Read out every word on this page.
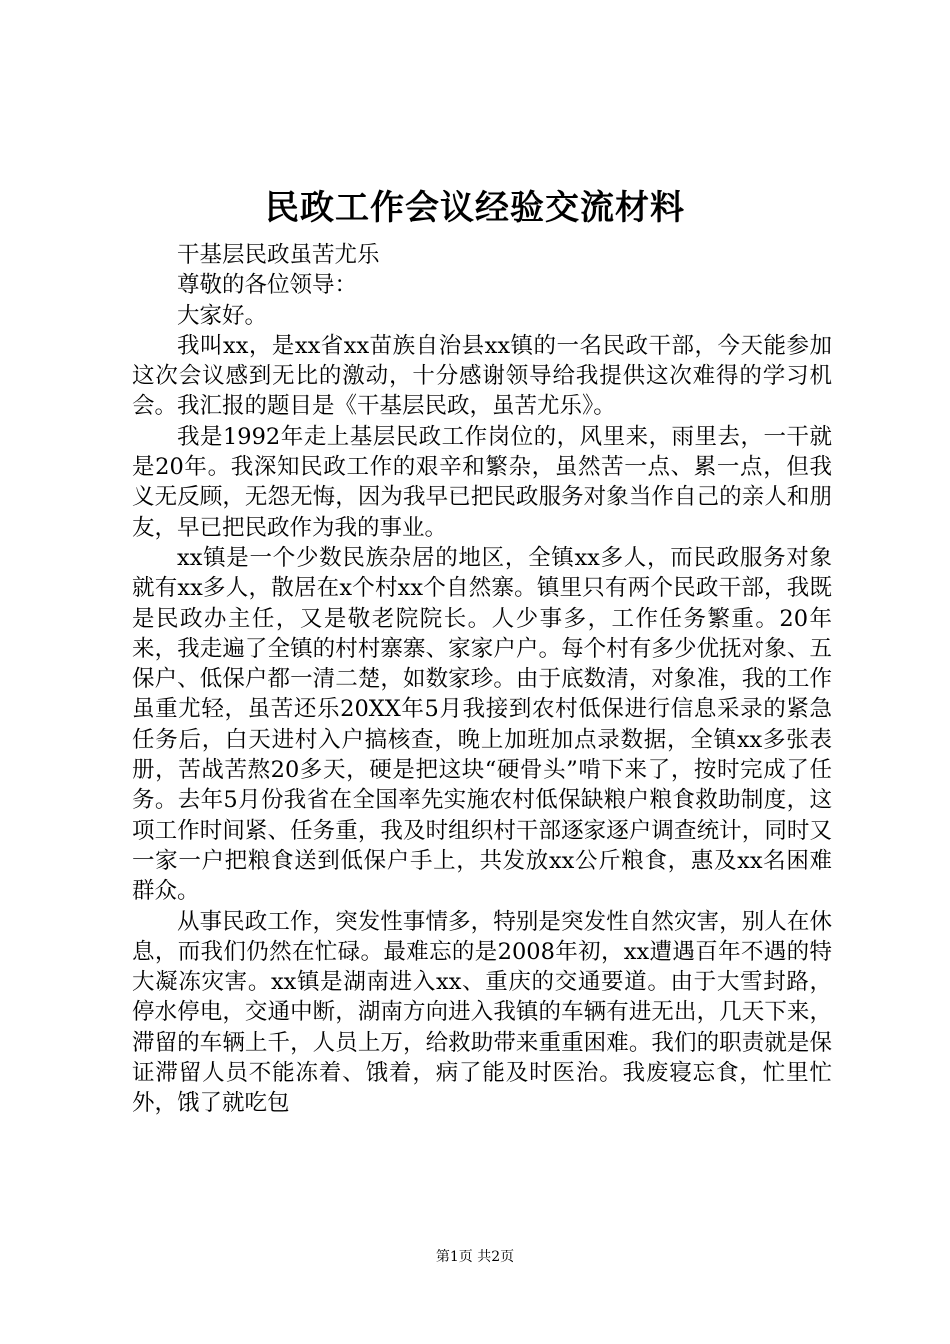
民政工作会议经验交流材料

干基层民政虽苦尤乐

尊敬的各位领导：

大家好。

我叫xx，是xx省xx苗族自治县xx镇的一名民政干部，今天能参加这次会议感到无比的激动，十分感谢领导给我提供这次难得的学习机会。我汇报的题目是《干基层民政，虽苦尤乐》。

我是1992年走上基层民政工作岗位的，风里来，雨里去，一干就是20年。我深知民政工作的艰辛和繁杂，虽然苦一点、累一点，但我义无反顾，无怨无悔，因为我早已把民政服务对象当作自己的亲人和朋友，早已把民政作为我的事业。

xx镇是一个少数民族杂居的地区，全镇xx多人，而民政服务对象就有xx多人，散居在x个村xx个自然寨。镇里只有两个民政干部，我既是民政办主任，又是敬老院院长。人少事多，工作任务繁重。20年来，我走遍了全镇的村村寨寨、家家户户。每个村有多少优抚对象、五保户、低保户都一清二楚，如数家珍。由于底数清，对象准，我的工作虽重尤轻，虽苦还乐20XX年5月我接到农村低保进行信息采录的紧急任务后，白天进村入户搞核查，晚上加班加点录数据，全镇xx多张表册，苦战苦熬20多天，硬是把这块“硬骨头”啃下来了，按时完成了任务。去年5月份我省在全国率先实施农村低保缺粮户粮食救助制度，这项工作时间紧、任务重，我及时组织村干部逐家逐户调查统计，同时又一家一户把粮食送到低保户手上，共发放xx公斤粮食，惠及xx名困难群众。

从事民政工作，突发性事情多，特别是突发性自然灾害，别人在休息，而我们仍然在忙碌。最难忘的是2008年初，xx遭遇百年不遇的特大凝冻灾害。xx镇是湖南进入xx、重庆的交通要道。由于大雪封路，停水停电，交通中断，湖南方向进入我镇的车辆有进无出，几天下来，滞留的车辆上千，人员上万，给救助带来重重困难。我们的职责就是保证滞留人员不能冻着、饿着，病了能及时医治。我废寝忘食，忙里忙外，饿了就吃包

第1页 共2页
